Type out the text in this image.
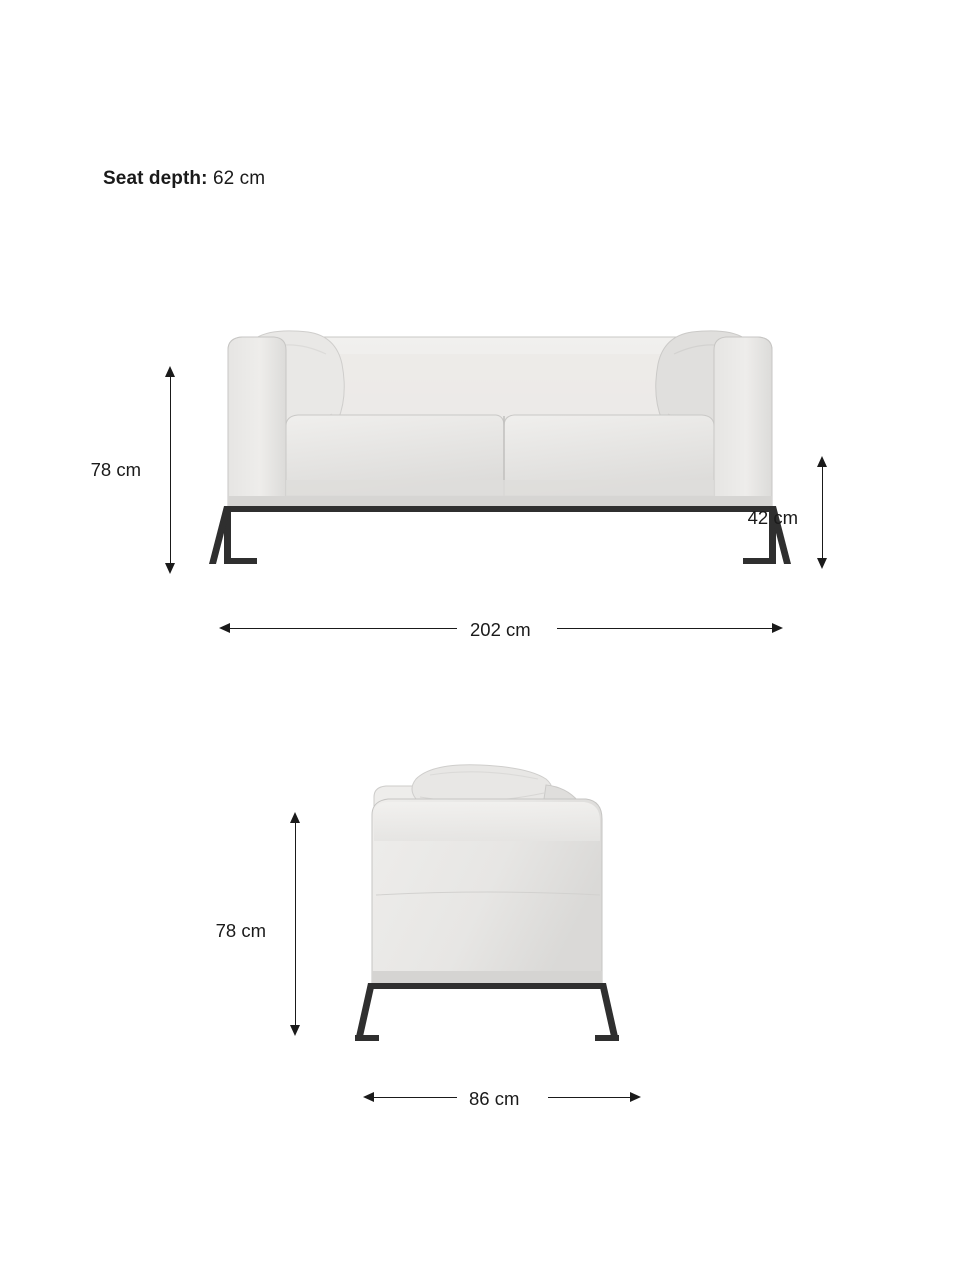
Seat depth: 62 cm
78 cm
42 cm
202 cm
78 cm
86 cm
